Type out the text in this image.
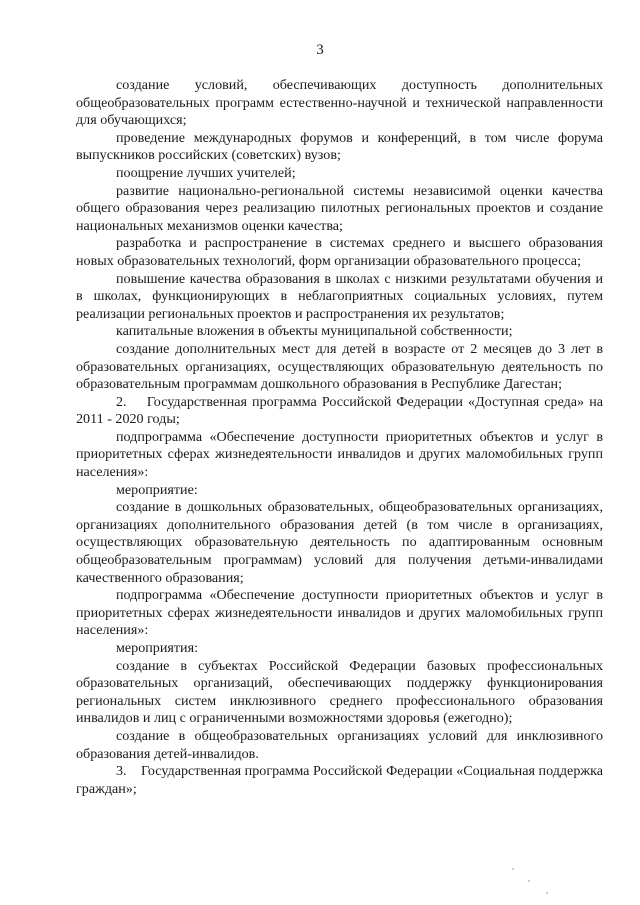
3

создание условий, обеспечивающих доступность дополнительных общеобразовательных программ естественно-научной и технической направленности для обучающихся;

проведение международных форумов и конференций, в том числе форума выпускников российских (советских) вузов;

поощрение лучших учителей;

развитие национально-региональной системы независимой оценки качества общего образования через реализацию пилотных региональных проектов и создание национальных механизмов оценки качества;

разработка и распространение в системах среднего и высшего образования новых образовательных технологий, форм организации образовательного процесса;

повышение качества образования в школах с низкими результатами обучения и в школах, функционирующих в неблагоприятных социальных условиях, путем реализации региональных проектов и распространения их результатов;

капитальные вложения в объекты муниципальной собственности;

создание дополнительных мест для детей в возрасте от 2 месяцев до 3 лет в образовательных организациях, осуществляющих образовательную деятельность по образовательным программам дошкольного образования в Республике Дагестан;

2.    Государственная программа Российской Федерации «Доступная среда» на 2011 - 2020 годы;

подпрограмма «Обеспечение доступности приоритетных объектов и услуг в приоритетных сферах жизнедеятельности инвалидов и других маломобильных групп населения»:

мероприятие:

создание в дошкольных образовательных, общеобразовательных организациях, организациях дополнительного образования детей (в том числе в организациях, осуществляющих образовательную деятельность по адаптированным основным общеобразовательным программам) условий для получения детьми-инвалидами качественного образования;

подпрограмма «Обеспечение доступности приоритетных объектов и услуг в приоритетных сферах жизнедеятельности инвалидов и других маломобильных групп населения»:

мероприятия:

создание в субъектах Российской Федерации базовых профессиональных образовательных организаций, обеспечивающих поддержку функционирования региональных систем инклюзивного среднего профессионального образования инвалидов и лиц с ограниченными возможностями здоровья (ежегодно);

создание в общеобразовательных организациях условий для инклюзивного образования детей-инвалидов.

3.    Государственная программа Российской Федерации «Социальная поддержка граждан»;
